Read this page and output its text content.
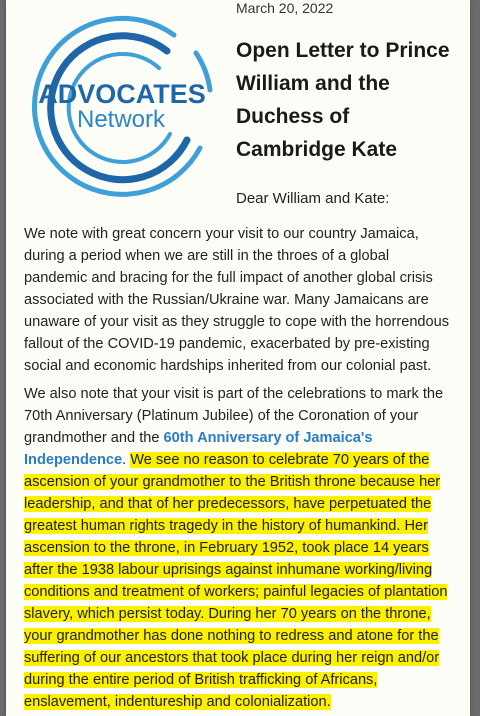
ADVOCATES
Network
March 20, 2022
Open Letter to Prince William and the Duchess of Cambridge Kate
Dear William and Kate:

We note with great concern your visit to our country Jamaica, during a period when we are still in the throes of a global pandemic and bracing for the full impact of another global crisis associated with the Russian/Ukraine war. Many Jamaicans are unaware of your visit as they struggle to cope with the horrendous fallout of the COVID-19 pandemic, exacerbated by pre-existing social and economic hardships inherited from our colonial past.

We also note that your visit is part of the celebrations to mark the 70th Anniversary (Platinum Jubilee) of the Coronation of your grandmother and the 60th Anniversary of Jamaica's Independence. We see no reason to celebrate 70 years of the ascension of your grandmother to the British throne because her leadership, and that of her predecessors, have perpetuated the greatest human rights tragedy in the history of humankind. Her ascension to the throne, in February 1952, took place 14 years after the 1938 labour uprisings against inhumane working/living conditions and treatment of workers; painful legacies of plantation slavery, which persist today. During her 70 years on the throne, your grandmother has done nothing to redress and atone for the suffering of our ancestors that took place during her reign and/or during the entire period of British trafficking of Africans, enslavement, indentureship and colonialization.
